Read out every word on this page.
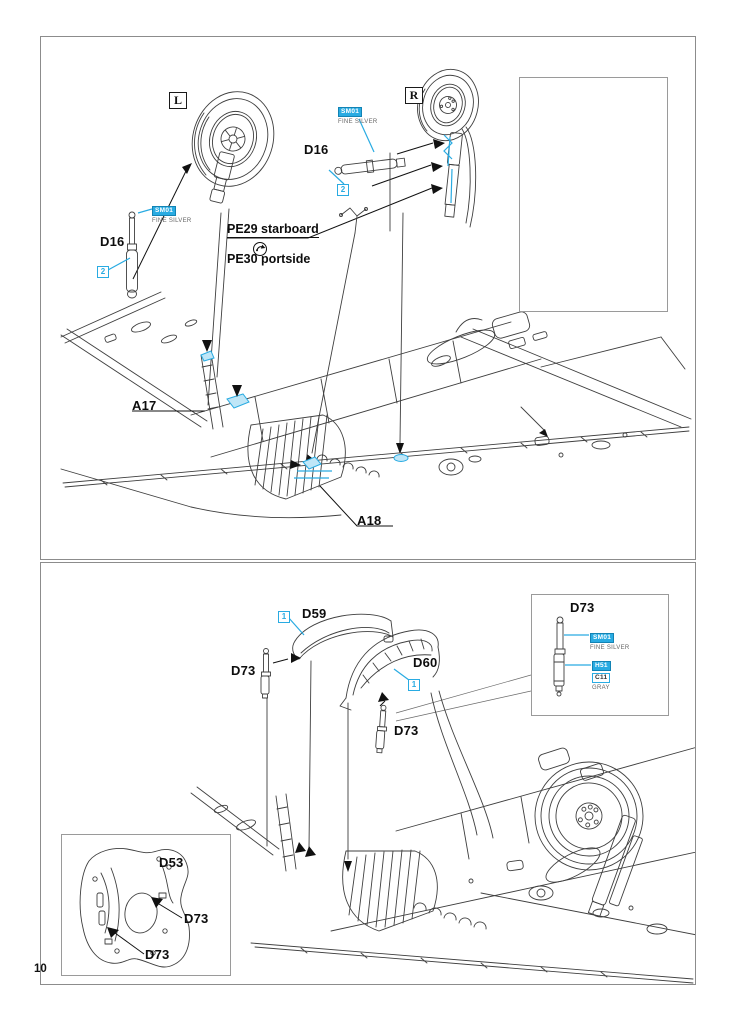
L	R
D16
2
SM01
FINE SILVER
D16
2
SM01
FINE SILVER
PE29 starboard
PE30 portside
A17
A18
1 D59
D73
D60
1
D73
D73
SM01
FINE SILVER
H51
C11
GRAY
D53
D73
D73
10
